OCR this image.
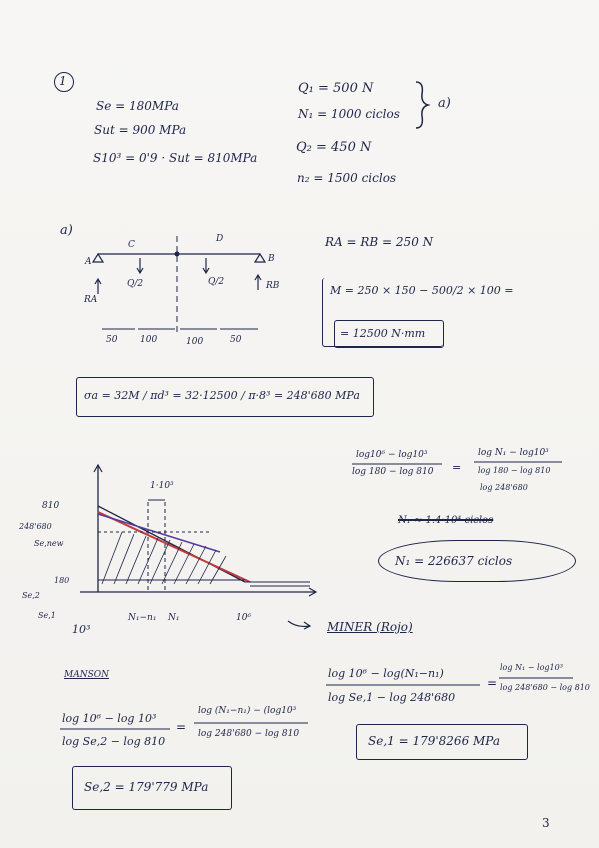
1
Se = 180MPa
Sut = 900 MPa
S10³ = 0'9 · Sut = 810MPa
Q₁ = 500 N
N₁ = 1000 ciclos
a)
Q₂ = 450 N
n₂ = 1500 ciclos
a)
A	B
C
D
Q/2	Q/2
RA
RB
50	100	100	50
RA = RB = 250 N
M = 250 × 150 − 500/2 × 100 =
= 12500 N·mm
σa = 32M / πd³ = 32·12500 / π·8³ = 248'680 MPa
1·10³
810
248'680
Se,new
180
Se,2
Se,1
10³
N₁−n₁ N₁	10⁶
log10⁶ − log10³
log 180 − log 810 =
log N₁ − log10³
log 180 − log 810
log 248'680
N₁ ≈ 1.4·10⁴ ciclos
N₁ = 226637 ciclos
MINER (Rojo)
MANSON	log 10⁶ − log(N₁−n₁)
log Se,1 − log 248'680
=
log N₁ − log10³
log 248'680 − log 810
Se,1 = 179'8266 MPa
log 10⁶ − log 10³
log Se,2 − log 810
=
log (N₁−n₁) − (log10³
log 248'680 − log 810
Se,2 = 179'779 MPa
3
